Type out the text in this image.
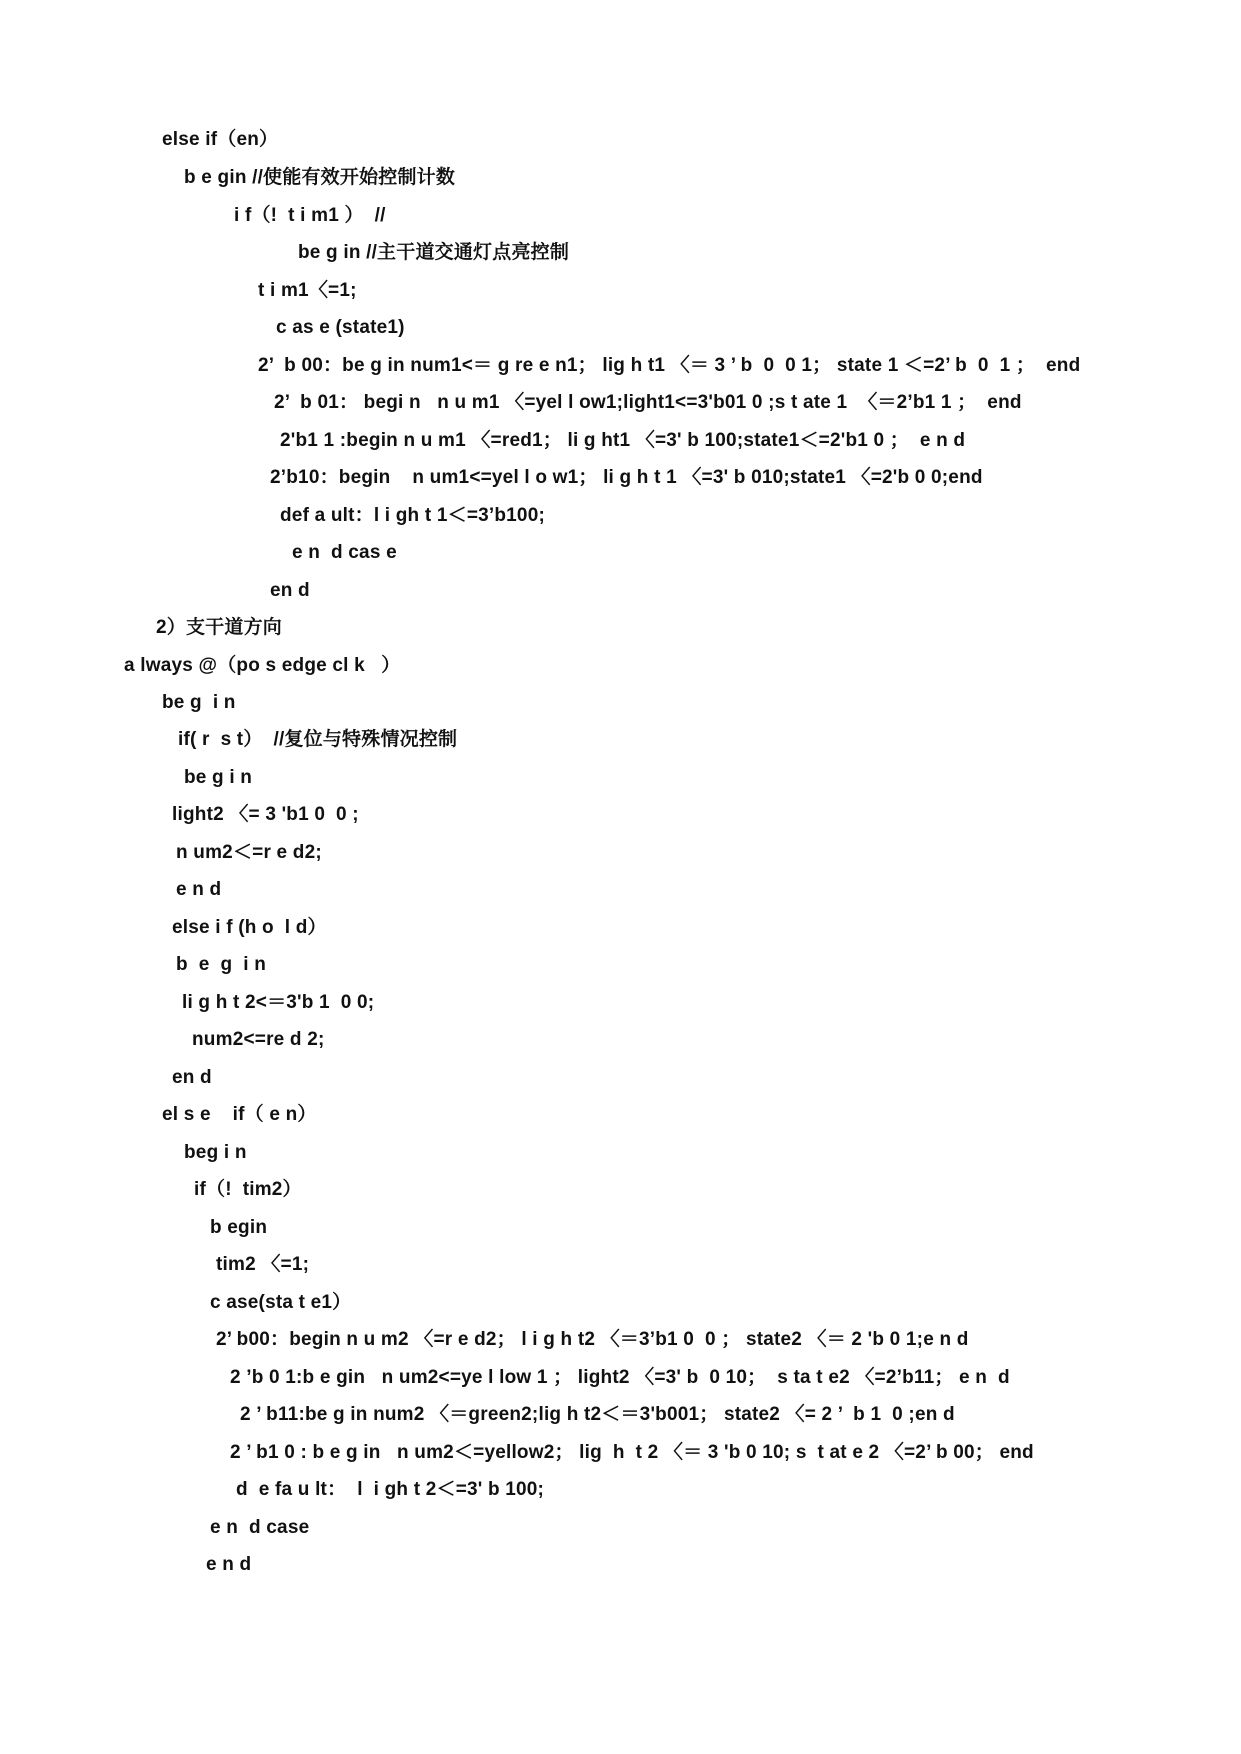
else if（en）
b e gin //使能有效开始控制计数
i f（!  t i m1 ）  //
be g in //主干道交通灯点亮控制
t i m1〈=1;
c as e (state1)
2’  b 00：be g in num1<＝ g re e n1； lig h t1 〈＝ 3 ’ b  0  0 1； state 1 ＜=2’ b  0  1 ；  end
2’  b 01： begi n   n u m1 〈=yel l ow1;light1<=3'b01 0 ;s t ate 1  〈＝2’b1 1 ；  end
2'b1 1 :begin n u m1 〈=red1； li g ht1 〈=3' b 100;state1＜=2'b1 0 ；  e n d
2’b10：begin    n um1<=yel l o w1； li g h t 1 〈=3' b 010;state1 〈=2'b 0 0;end
def a ult：l i gh t 1＜=3’b100;
e n  d cas e
en d
2）支干道方向
a lways @（po s edge cl k   ）
be g  i n
if( r  s t）  //复位与特殊情况控制
be g i n
light2 〈= 3 'b1 0  0 ;
n um2＜=r e d2;
e n d
else i f (h o  l d）
b  e  g  i n
li g h t 2<＝3'b 1  0 0;
num2<=re d 2;
en d
el s e    if（ e n）
beg i n
if（!  tim2）
b egin
tim2 〈=1;
c ase(sta t e1）
2’ b00：begin n u m2 〈=r e d2； l i g h t2 〈＝3’b1 0  0 ； state2 〈＝ 2 'b 0 1;e n d
2 ’b 0 1:b e gin   n um2<=ye l low 1 ； light2 〈=3' b  0 10；  s ta t e2 〈=2’b11； e n  d
2 ’ b11:be g in num2 〈＝green2;lig h t2＜＝3'b001； state2 〈= 2 ’  b 1  0 ;en d
2 ’ b1 0 : b e g in   n um2＜=yellow2； lig  h  t 2 〈＝ 3 'b 0 10; s  t at e 2 〈=2’ b 00； end
d  e fa u lt：  l  i gh t 2＜=3' b 100;
e n  d case
e n d
